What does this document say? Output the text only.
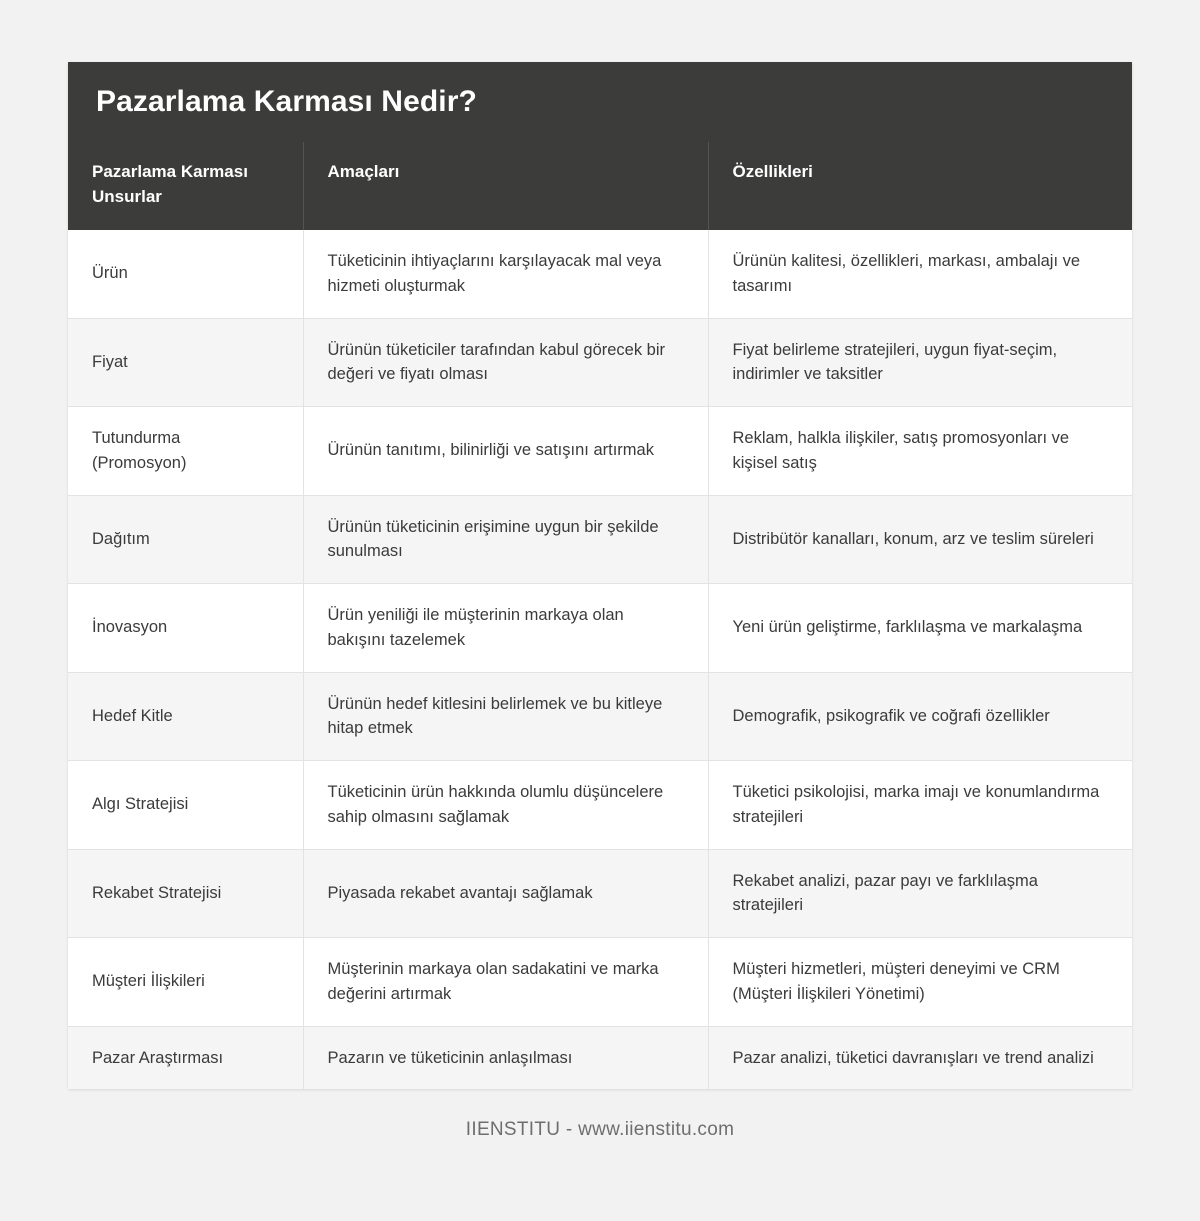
Pazarlama Karması Nedir?
Pazarlama Karması Unsurlar	Amaçları	Özellikleri
Ürün	Tüketicinin ihtiyaçlarını karşılayacak mal veya hizmeti oluşturmak	Ürünün kalitesi, özellikleri, markası, ambalajı ve tasarımı
Fiyat	Ürünün tüketiciler tarafından kabul görecek bir değeri ve fiyatı olması	Fiyat belirleme stratejileri, uygun fiyat-seçim, indirimler ve taksitler
Tutundurma (Promosyon)	Ürünün tanıtımı, bilinirliği ve satışını artırmak	Reklam, halkla ilişkiler, satış promosyonları ve kişisel satış
Dağıtım	Ürünün tüketicinin erişimine uygun bir şekilde sunulması	Distribütör kanalları, konum, arz ve teslim süreleri
İnovasyon	Ürün yeniliği ile müşterinin markaya olan bakışını tazelemek	Yeni ürün geliştirme, farklılaşma ve markalaşma
Hedef Kitle	Ürünün hedef kitlesini belirlemek ve bu kitleye hitap etmek	Demografik, psikografik ve coğrafi özellikler
Algı Stratejisi	Tüketicinin ürün hakkında olumlu düşüncelere sahip olmasını sağlamak	Tüketici psikolojisi, marka imajı ve konumlandırma stratejileri
Rekabet Stratejisi	Piyasada rekabet avantajı sağlamak	Rekabet analizi, pazar payı ve farklılaşma stratejileri
Müşteri İlişkileri	Müşterinin markaya olan sadakatini ve marka değerini artırmak	Müşteri hizmetleri, müşteri deneyimi ve CRM (Müşteri İlişkileri Yönetimi)
Pazar Araştırması	Pazarın ve tüketicinin anlaşılması	Pazar analizi, tüketici davranışları ve trend analizi
IIENSTITU - www.iienstitu.com
